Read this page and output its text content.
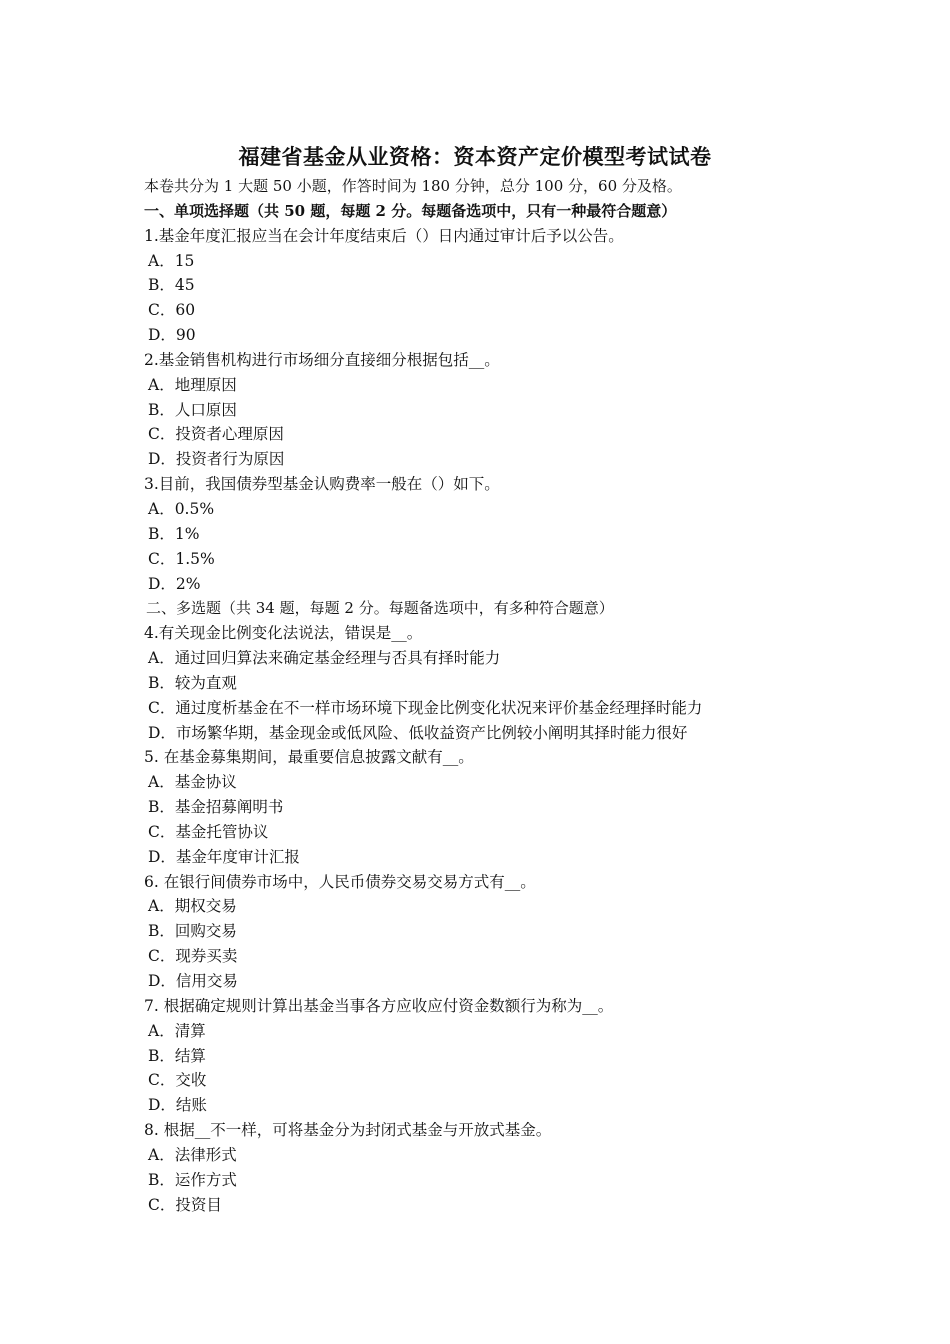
福建省基金从业资格：资本资产定价模型考试试卷
本卷共分为 1 大题 50 小题，作答时间为 180 分钟，总分 100 分，60 分及格。
一、单项选择题（共 50 题，每题 2 分。每题备选项中，只有一种最符合题意）
1.基金年度汇报应当在会计年度结束后（）日内通过审计后予以公告。
A．15
B．45
C．60
D．90
2.基金销售机构进行市场细分直接细分根据包括__。
A．地理原因
B．人口原因
C．投资者心理原因
D．投资者行为原因
3.目前，我国债券型基金认购费率一般在（）如下。
A．0.5%
B．1%
C．1.5%
D．2%
二、多选题（共 34 题，每题 2 分。每题备选项中，有多种符合题意）
4.有关现金比例变化法说法，错误是__。
A．通过回归算法来确定基金经理与否具有择时能力
B．较为直观
C．通过度析基金在不一样市场环境下现金比例变化状况来评价基金经理择时能力
D．市场繁华期，基金现金或低风险、低收益资产比例较小阐明其择时能力很好
5. 在基金募集期间，最重要信息披露文献有__。
A．基金协议
B．基金招募阐明书
C．基金托管协议
D．基金年度审计汇报
6. 在银行间债券市场中，人民币债券交易交易方式有__。
A．期权交易
B．回购交易
C．现券买卖
D．信用交易
7. 根据确定规则计算出基金当事各方应收应付资金数额行为称为__。
A．清算
B．结算
C．交收
D．结账
8. 根据__不一样，可将基金分为封闭式基金与开放式基金。
A．法律形式
B．运作方式
C．投资目
